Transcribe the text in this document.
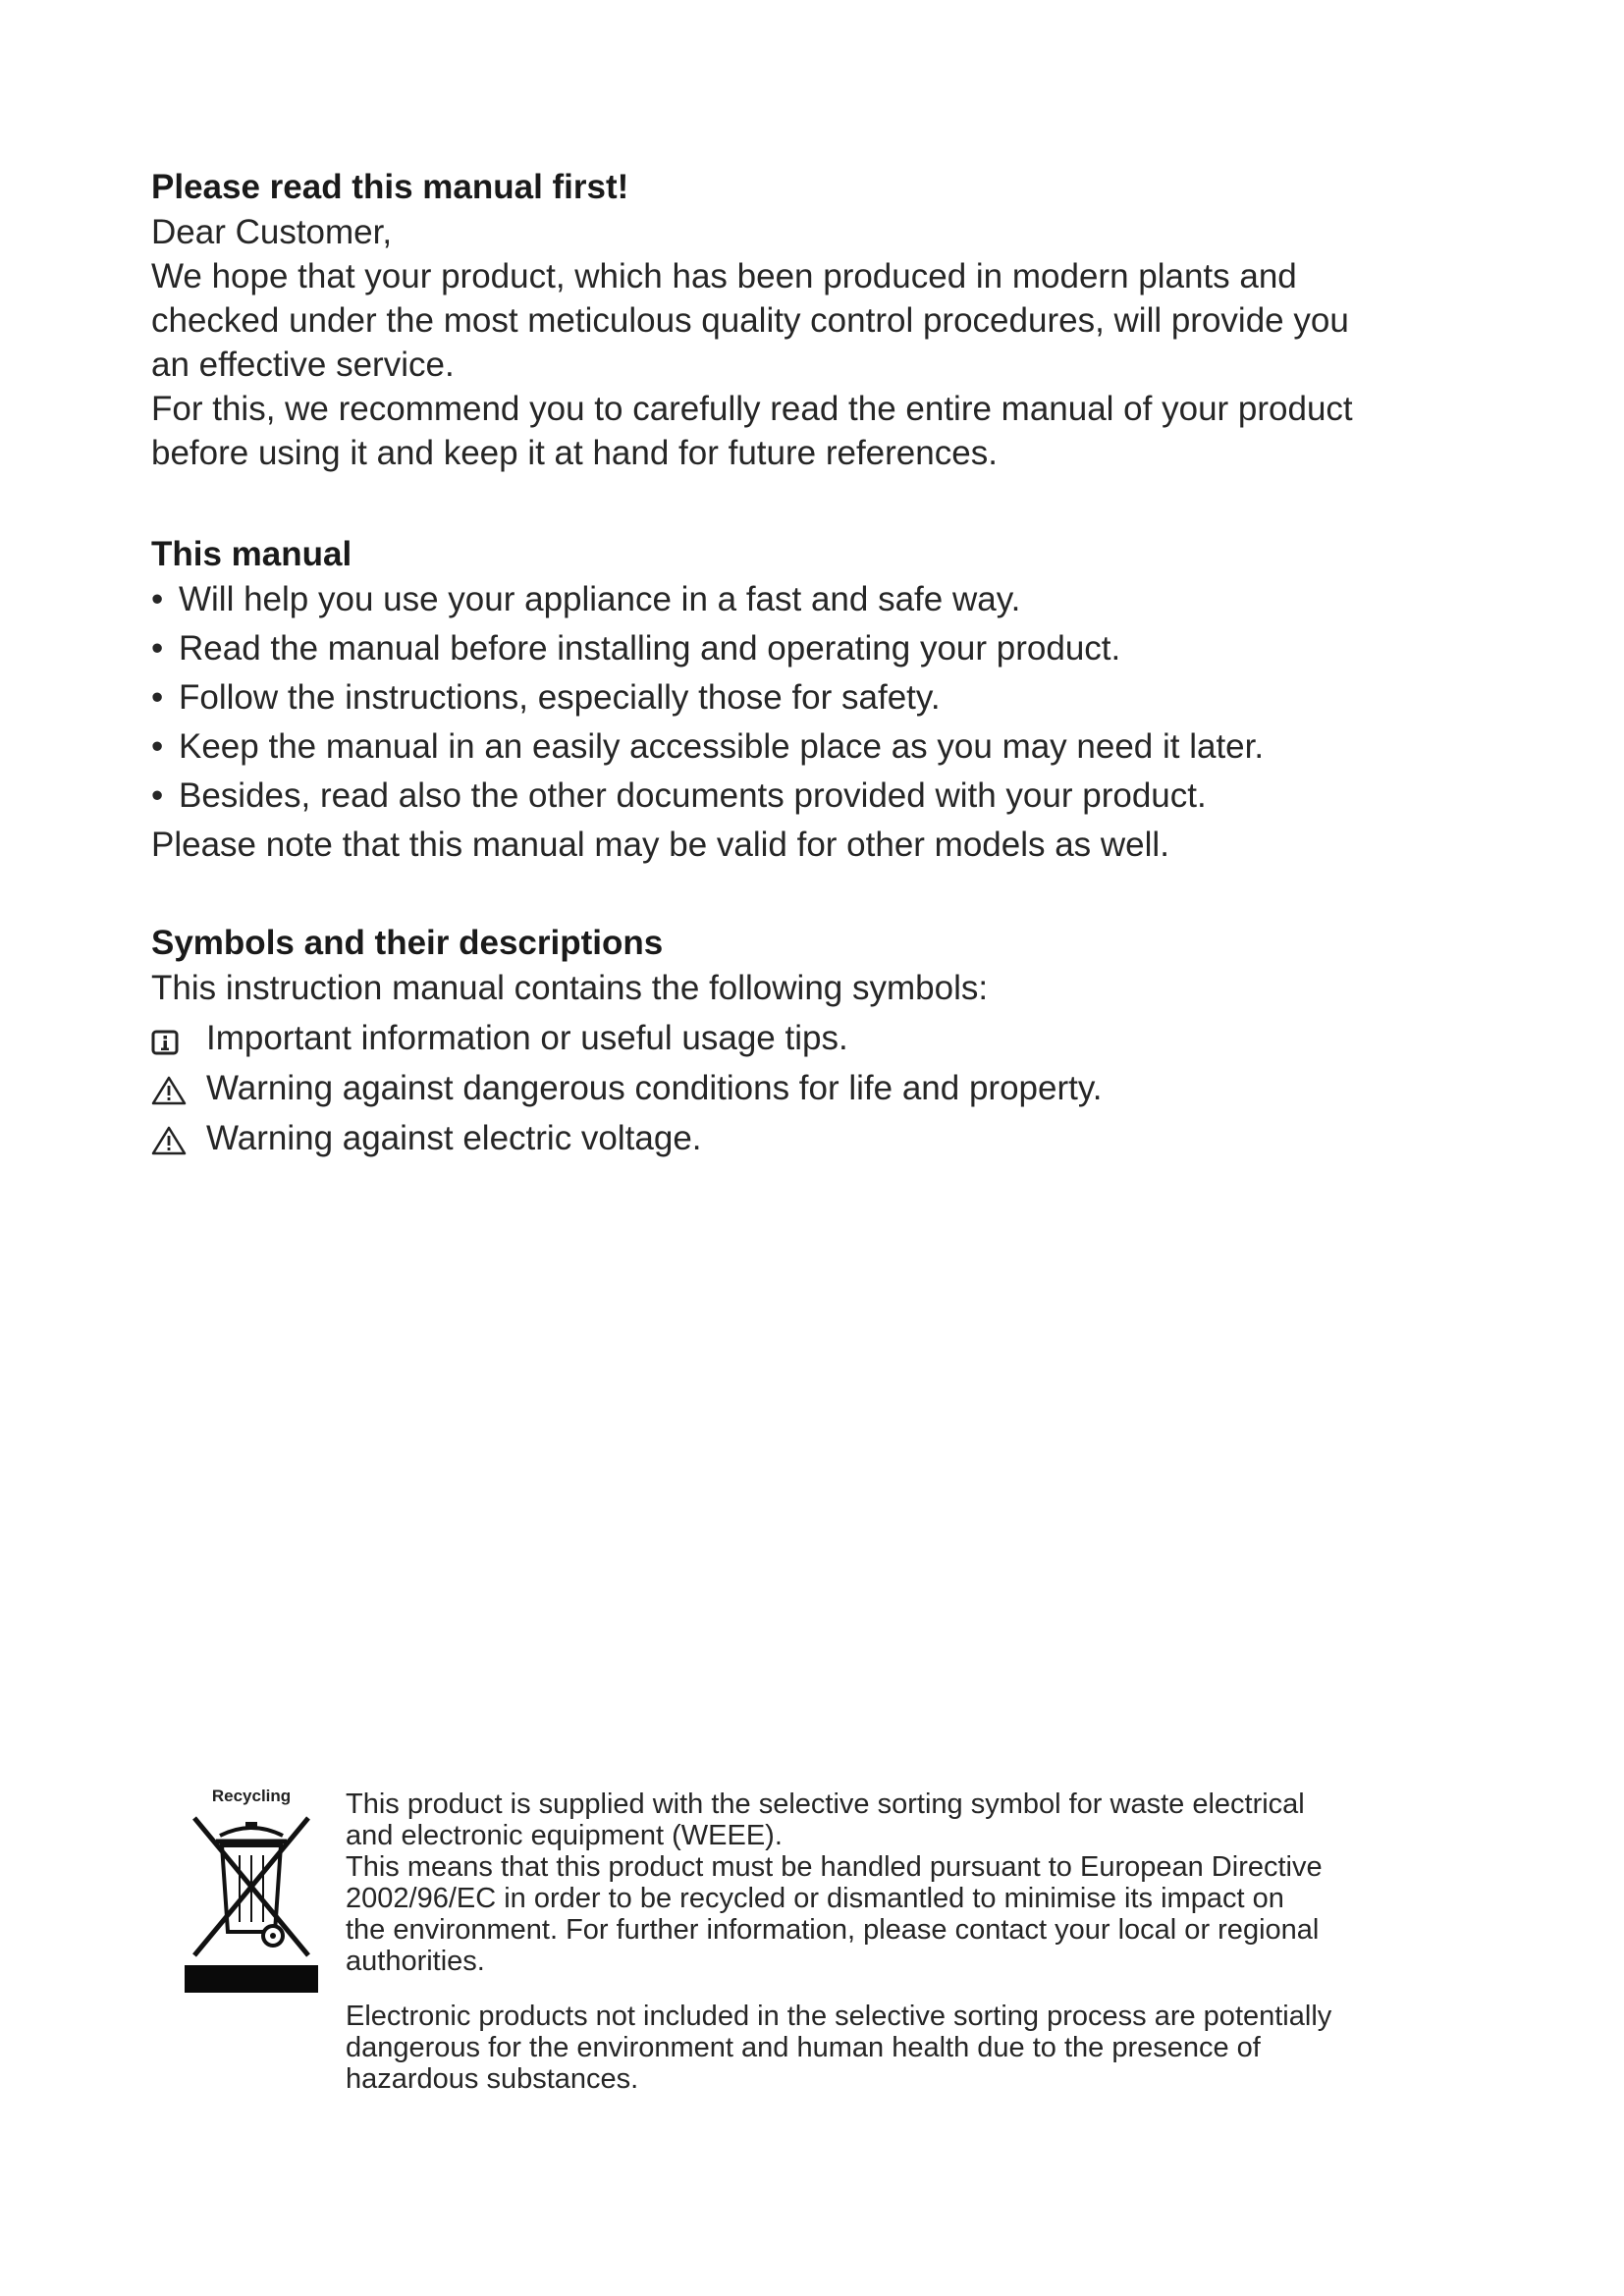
Please read this manual first!
Dear Customer,
We hope that your product, which has been produced in modern plants and
checked under the most meticulous quality control procedures, will provide you
an effective service.
For this, we recommend you to carefully read the entire manual of your product
before using it and keep it at hand for future references.
This manual
• Will help you use your appliance in a fast and safe way.
• Read the manual before installing and operating your product.
• Follow the instructions, especially those for safety.
• Keep the manual in an easily accessible place as you may need it later.
• Besides, read also the other documents provided with your product.
Please note that this manual may be valid for other models as well.
Symbols and their descriptions
This instruction manual contains the following symbols:
Important information or useful usage tips.
Warning against dangerous conditions for life and property.
Warning against electric voltage.
Recycling	This product is supplied with the selective sorting symbol for waste electrical
and electronic equipment (WEEE).
This means that this product must be handled pursuant to European Directive
2002/96/EC in order to be recycled or dismantled to minimise its impact on
the environment. For further information, please contact your local or regional
authorities.
Electronic products not included in the selective sorting process are potentially
dangerous for the environment and human health due to the presence of
hazardous substances.
